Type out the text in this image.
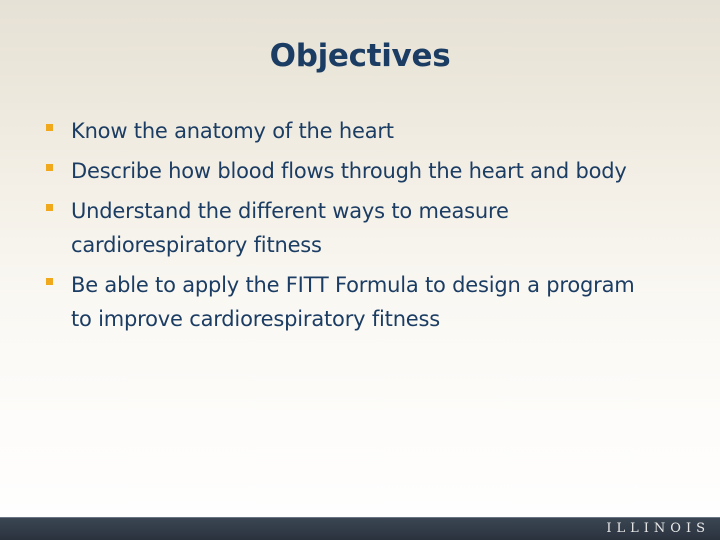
Objectives
Know the anatomy of the heart
Describe how blood flows through the heart and body
Understand the different ways to measure cardiorespiratory fitness
Be able to apply the FITT Formula to design a program to improve cardiorespiratory fitness
ILLINOIS
